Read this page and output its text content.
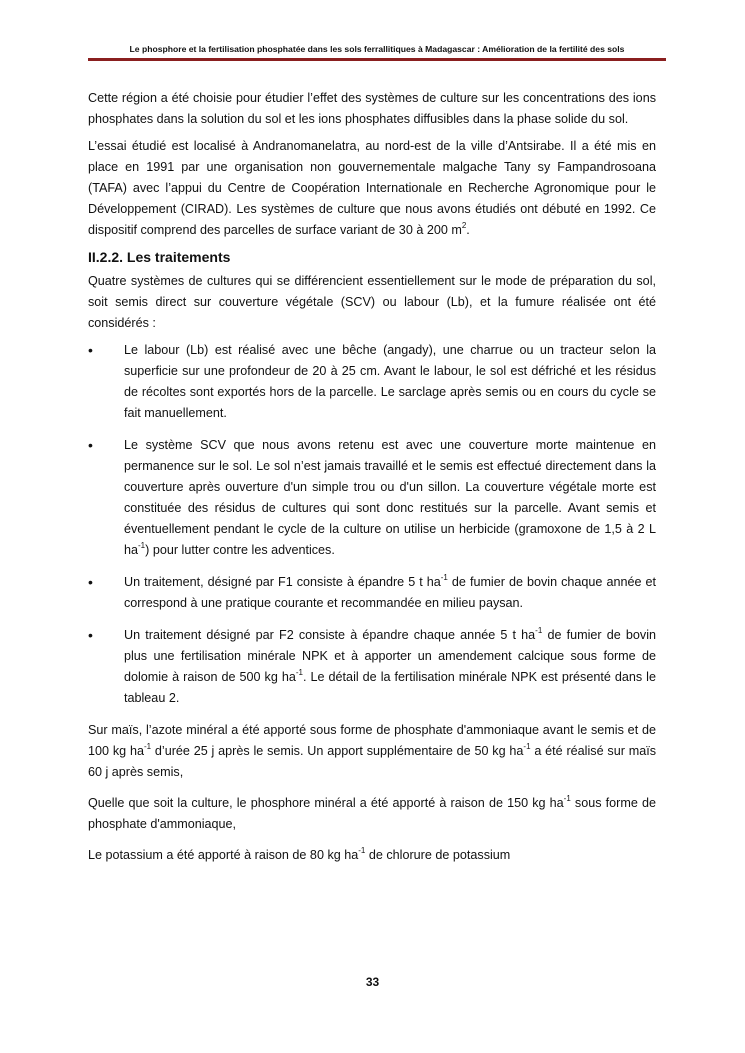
Le phosphore et la fertilisation phosphatée dans les sols ferrallitiques à Madagascar : Amélioration de la fertilité des sols

Cette région a été choisie pour étudier l’effet des systèmes de culture sur les concentrations des ions phosphates dans la solution du sol et les ions phosphates diffusibles dans la phase solide du sol.

L’essai étudié est localisé à Andranomanelatra, au nord-est de la ville d’Antsirabe. Il a été mis en place en 1991 par une organisation non gouvernementale malgache Tany sy Fampandrosoana (TAFA) avec l’appui du Centre de Coopération Internationale en Recherche Agronomique pour le Développement (CIRAD). Les systèmes de culture que nous avons étudiés ont débuté en 1992. Ce dispositif comprend des parcelles de surface variant de 30 à 200 $m^2$.

II.2.2. Les traitements

Quatre systèmes de cultures qui se différencient essentiellement sur le mode de préparation du sol, soit semis direct sur couverture végétale (SCV) ou labour (Lb), et la fumure réalisée ont été considérés :

• Le labour (Lb) est réalisé avec une bêche (angady), une charrue ou un tracteur selon la superficie sur une profondeur de 20 à 25 cm. Avant le labour, le sol est défriché et les résidus de récoltes sont exportés hors de la parcelle. Le sarclage après semis ou en cours du cycle se fait manuellement.
• Le système SCV que nous avons retenu est avec une couverture morte maintenue en permanence sur le sol. Le sol n’est jamais travaillé et le semis est effectué directement dans la couverture après ouverture d'un simple trou ou d'un sillon. La couverture végétale morte est constituée des résidus de cultures qui sont donc restitués sur la parcelle. Avant semis et éventuellement pendant le cycle de la culture on utilise un herbicide (gramoxone de 1,5 à 2 L $ha^{-1}$) pour lutter contre les adventices.
• Un traitement, désigné par F1 consiste à épandre 5 t $ha^{-1}$ de fumier de bovin chaque année et correspond à une pratique courante et recommandée en milieu paysan.
• Un traitement désigné par F2 consiste à épandre chaque année 5 t $ha^{-1}$ de fumier de bovin plus une fertilisation minérale NPK et à apporter un amendement calcique sous forme de dolomie à raison de 500 kg $ha^{-1}$. Le détail de la fertilisation minérale NPK est présenté dans le tableau 2.

Sur maïs, l’azote minéral a été apporté sous forme de phosphate d'ammoniaque avant le semis et de 100 kg $ha^{-1}$ d’urée 25 j après le semis. Un apport supplémentaire de 50 kg $ha^{-1}$ a été réalisé sur maïs 60 j après semis,

Quelle que soit la culture, le phosphore minéral a été apporté à raison de 150 kg $ha^{-1}$ sous forme de phosphate d'ammoniaque,

Le potassium a été apporté à raison de 80 kg $ha^{-1}$ de chlorure de potassium

33
